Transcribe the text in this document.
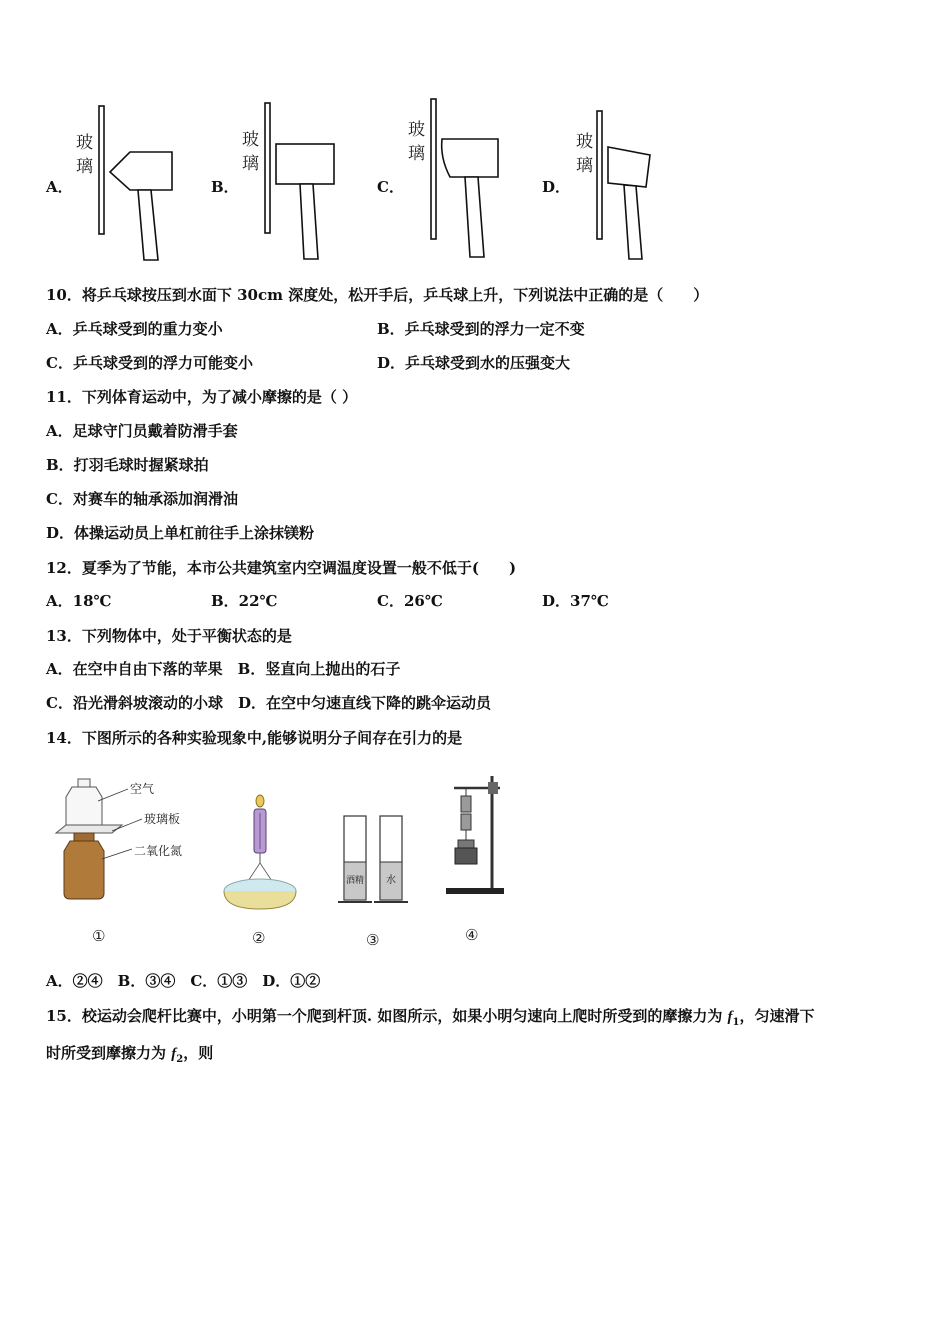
A．
玻
璃
B．
玻
璃
C．
玻
璃
D．
玻
璃
10．将乒乓球按压到水面下 30cm 深度处，松开手后，乒乓球上升，下列说法中正确的是（　　）
A．乒乓球受到的重力变小	B．乒乓球受到的浮力一定不变
C．乒乓球受到的浮力可能变小	D．乒乓球受到水的压强变大
11．下列体育运动中，为了减小摩擦的是（ ）
A．足球守门员戴着防滑手套
B．打羽毛球时握紧球拍
C．对赛车的轴承添加润滑油
D．体操运动员上单杠前往手上涂抹镁粉
12．夏季为了节能，本市公共建筑室内空调温度设置一般不低于(　　)
A．18℃	B．22℃	C．26℃	D．37℃
13．下列物体中，处于平衡状态的是
A．在空中自由下落的苹果　B．竖直向上抛出的石子
C．沿光滑斜坡滚动的小球　D．在空中匀速直线下降的跳伞运动员
14．下图所示的各种实验现象中,能够说明分子间存在引力的是
空气
玻璃板
二氧化氮
①	②
酒精 水
③	④
A．②④　B．③④　C．①③　D．①②
15．校运动会爬杆比赛中，小明第一个爬到杆顶. 如图所示，如果小明匀速向上爬时所受到的摩擦力为 $f_1$，匀速滑下
时所受到摩擦力为 $f_2$，则
